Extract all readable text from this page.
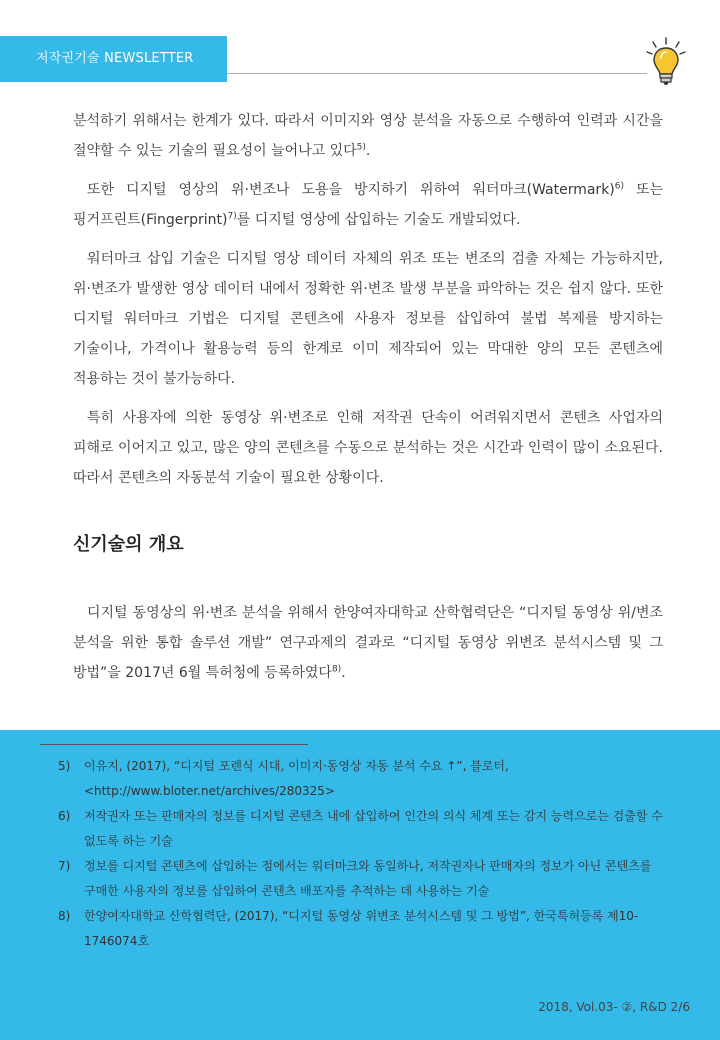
저작권기술 NEWSLETTER

분석하기 위해서는 한계가 있다. 따라서 이미지와 영상 분석을 자동으로 수행하여 인력과 시간을 절약할 수 있는 기술의 필요성이 늘어나고 있다$^{5)}$.

또한 디지털 영상의 위·변조나 도용을 방지하기 위하여 워터마크(Watermark)$^{6)}$ 또는 핑거프린트(Fingerprint)$^{7)}$를 디지털 영상에 삽입하는 기술도 개발되었다.

워터마크 삽입 기술은 디지털 영상 데이터 자체의 위조 또는 변조의 검출 자체는 가능하지만, 위·변조가 발생한 영상 데이터 내에서 정확한 위·변조 발생 부분을 파악하는 것은 쉽지 않다. 또한 디지털 워터마크 기법은 디지털 콘텐츠에 사용자 정보를 삽입하여 불법 복제를 방지하는 기술이나, 가격이나 활용능력 등의 한계로 이미 제작되어 있는 막대한 양의 모든 콘텐츠에 적용하는 것이 불가능하다.

특히 사용자에 의한 동영상 위·변조로 인해 저작권 단속이 어려워지면서 콘텐츠 사업자의 피해로 이어지고 있고, 많은 양의 콘텐츠를 수동으로 분석하는 것은 시간과 인력이 많이 소요된다. 따라서 콘텐츠의 자동분석 기술이 필요한 상황이다.

신기술의 개요

디지털 동영상의 위·변조 분석을 위해서 한양여자대학교 산학협력단은 “디지털 동영상 위/변조 분석을 위한 통합 솔루션 개발” 연구과제의 결과로 “디지털 동영상 위변조 분석시스템 및 그 방법”을 2017년 6월 특허청에 등록하였다$^{8)}$.

5)	이유지, (2017), “디지털 포렌식 시대, 이미지·동영상 자동 분석 수요 ↑”, 블로터, <http://www.bloter.net/archives/280325>
6)	저작권자 또는 판매자의 정보를 디지털 콘텐츠 내에 삽입하여 인간의 의식 체계 또는 감지 능력으로는 검출할 수 없도록 하는 기술
7)	정보를 디지털 콘텐츠에 삽입하는 점에서는 워터마크와 동일하나, 저작권자나 판매자의 정보가 아닌 콘텐츠를 구매한 사용자의 정보를 삽입하여 콘텐츠 배포자를 추적하는 데 사용하는 기술
8)	한양여자대학교 산학협력단, (2017), “디지털 동영상 위변조 분석시스템 및 그 방법”, 한국특허등록 제10-1746074호
2018, Vol.03- ②, R&D 2/6
